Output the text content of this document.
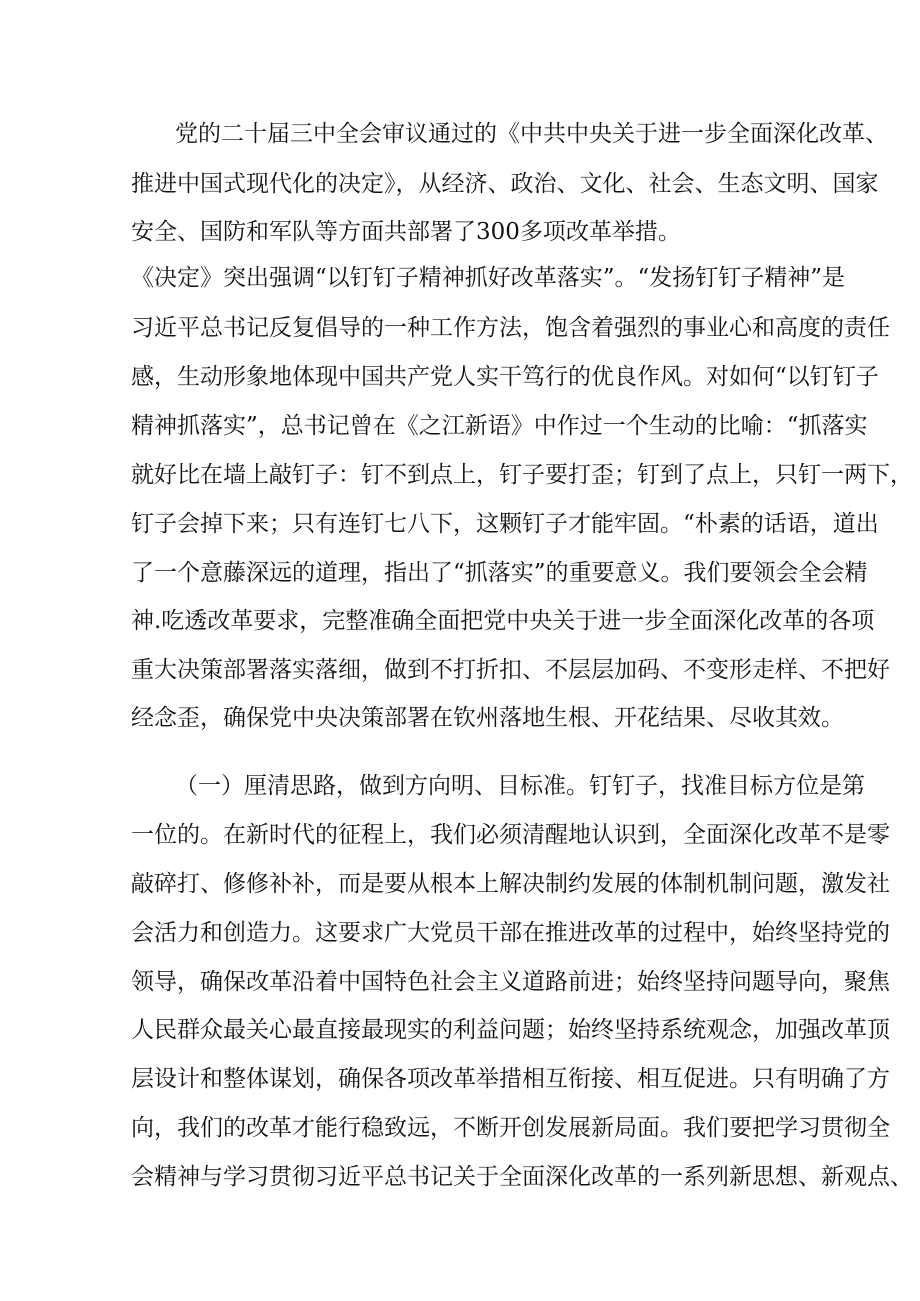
党的二十届三中全会审议通过的《中共中央关于进一步全面深化改革、
推进中国式现代化的决定》，从经济、政治、文化、社会、生态文明、国家
安全、国防和军队等方面共部署了300多项改革举措。
《决定》突出强调“以钉钉子精神抓好改革落实”。“发扬钉钉子精神”是
习近平总书记反复倡导的一种工作方法，饱含着强烈的事业心和高度的责任
感，生动形象地体现中国共产党人实干笃行的优良作风。对如何“以钉钉子
精神抓落实”，总书记曾在《之江新语》中作过一个生动的比喻：“抓落实
就好比在墙上敲钉子：钉不到点上，钉子要打歪；钉到了点上，只钉一两下，
钉子会掉下来；只有连钉七八下，这颗钉子才能牢固。“朴素的话语，道出
了一个意藤深远的道理，指出了“抓落实”的重要意义。我们要领会全会精
神.吃透改革要求，完整准确全面把党中央关于进一步全面深化改革的各项
重大决策部署落实落细，做到不打折扣、不层层加码、不变形走样、不把好
经念歪，确保党中央决策部署在钦州落地生根、开花结果、尽收其效。
（一）厘清思路，做到方向明、目标准。钉钉子，找准目标方位是第
一位的。在新时代的征程上，我们必须清醒地认识到，全面深化改革不是零
敲碎打、修修补补，而是要从根本上解决制约发展的体制机制问题，激发社
会活力和创造力。这要求广大党员干部在推进改革的过程中，始终坚持党的
领导，确保改革沿着中国特色社会主义道路前进；始终坚持问题导向，聚焦
人民群众最关心最直接最现实的利益问题；始终坚持系统观念，加强改革顶
层设计和整体谋划，确保各项改革举措相互衔接、相互促进。只有明确了方
向，我们的改革才能行稳致远，不断开创发展新局面。我们要把学习贯彻全
会精神与学习贯彻习近平总书记关于全面深化改革的一系列新思想、新观点、
